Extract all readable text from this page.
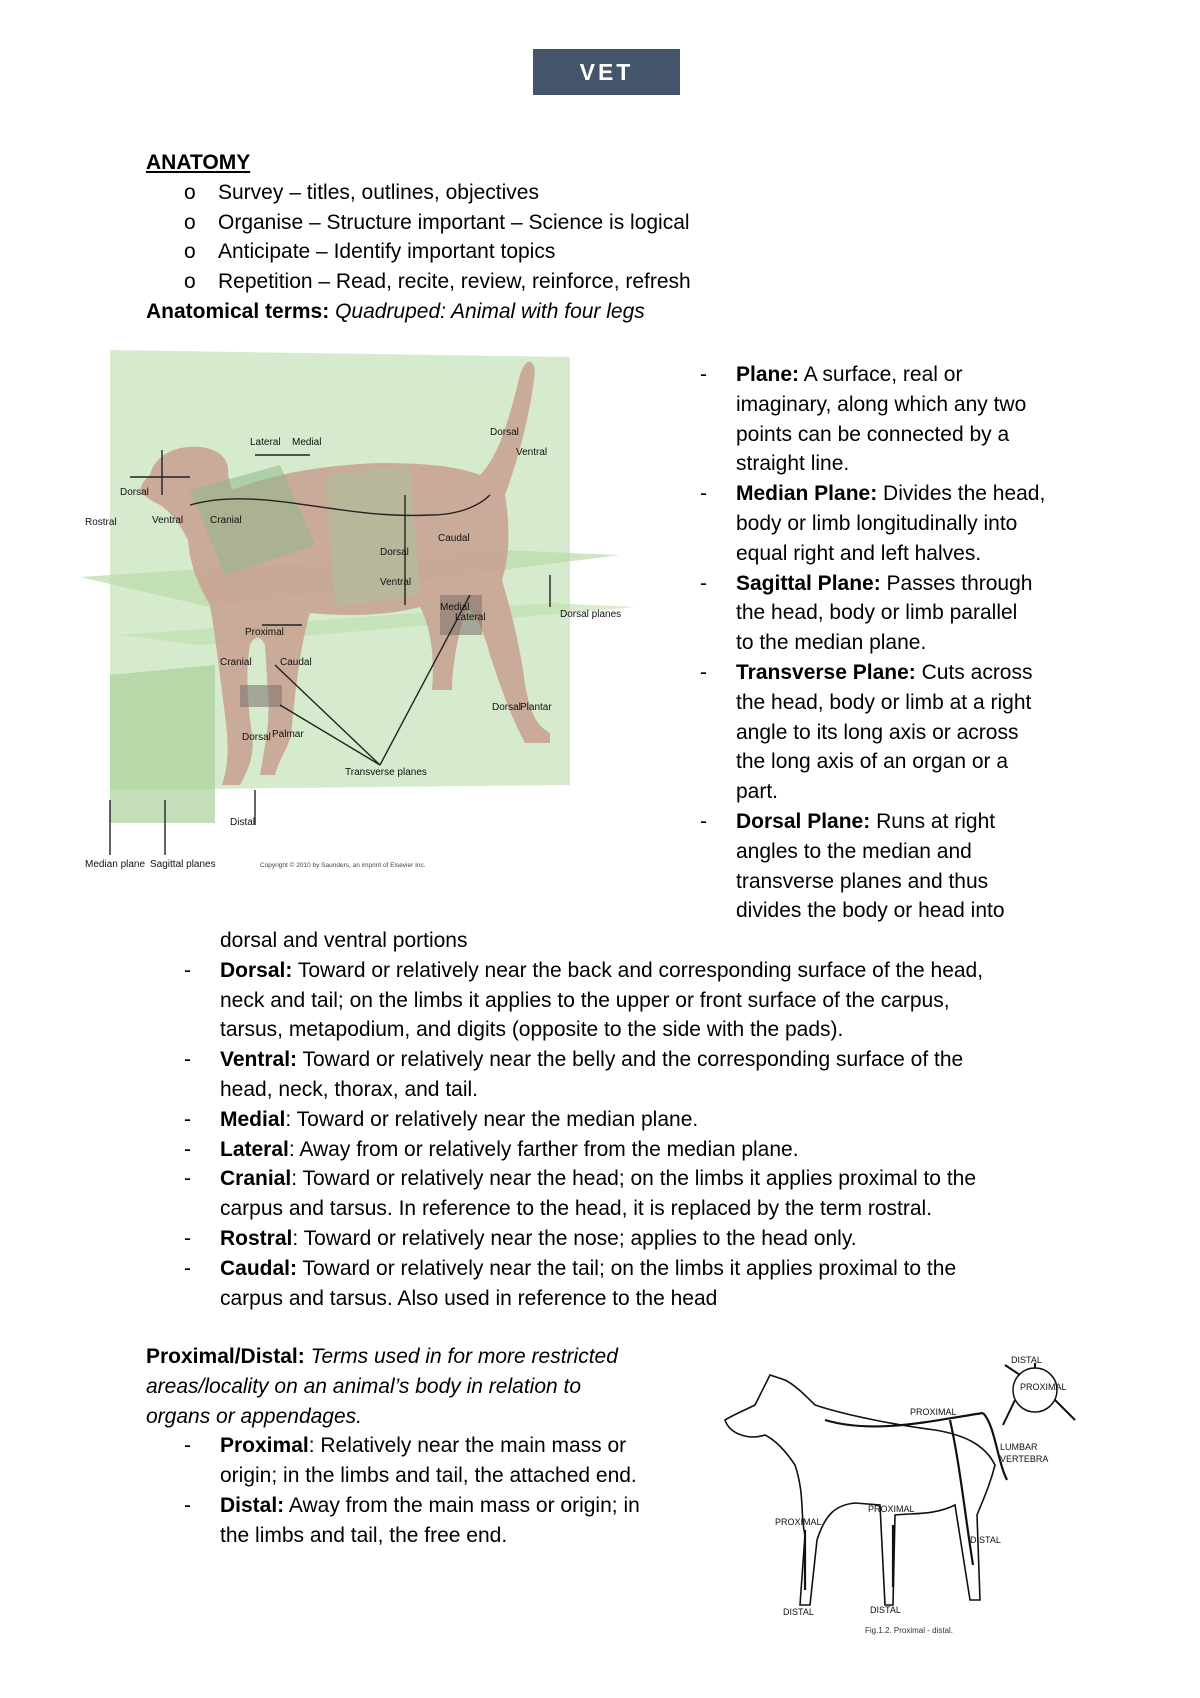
VET
ANATOMY
o Survey – titles, outlines, objectives
o Organise – Structure important – Science is logical
o Anticipate – Identify important topics
o Repetition – Read, recite, review, reinforce, refresh
Anatomical terms: Quadruped: Animal with four legs
Lateral Medial
Dorsal
Rostral	Ventral	Cranial
Caudal
Dorsal
Ventral
Proximal
Cranial	Caudal
Medial
Lateral
Dorsal Palmar
Dorsal Plantar
Dorsal
Ventral
Distal
Transverse planes
Dorsal planes
Median plane Sagittal planes	Copyright © 2010 by Saunders, an imprint of Elsevier Inc.
- Plane: A surface, real or
imaginary, along which any two
points can be connected by a
straight line.
- Median Plane: Divides the head,
body or limb longitudinally into
equal right and left halves.
- Sagittal Plane: Passes through
the head, body or limb parallel
to the median plane.
- Transverse Plane: Cuts across
the head, body or limb at a right
angle to its long axis or across
the long axis of an organ or a
part.
- Dorsal Plane: Runs at right
angles to the median and
transverse planes and thus
divides the body or head into
dorsal and ventral portions
- Dorsal: Toward or relatively near the back and corresponding surface of the head,
neck and tail; on the limbs it applies to the upper or front surface of the carpus,
tarsus, metapodium, and digits (opposite to the side with the pads).
- Ventral: Toward or relatively near the belly and the corresponding surface of the
head, neck, thorax, and tail.
- Medial: Toward or relatively near the median plane.
- Lateral: Away from or relatively farther from the median plane.
- Cranial: Toward or relatively near the head; on the limbs it applies proximal to the
carpus and tarsus. In reference to the head, it is replaced by the term rostral.
- Rostral: Toward or relatively near the nose; applies to the head only.
- Caudal: Toward or relatively near the tail; on the limbs it applies proximal to the
carpus and tarsus. Also used in reference to the head
Proximal/Distal: Terms used in for more restricted
areas/locality on an animal’s body in relation to
organs or appendages.
- Proximal: Relatively near the main mass or
origin; in the limbs and tail, the attached end.
- Distal: Away from the main mass or origin; in
the limbs and tail, the free end.
DISTAL
PROXIMAL
PROXIMAL
LUMBAR
VERTEBRA
PROXIMAL
PROXIMAL
DISTAL
DISTAL	DISTAL
Fig.1.2. Proximal - distal.
